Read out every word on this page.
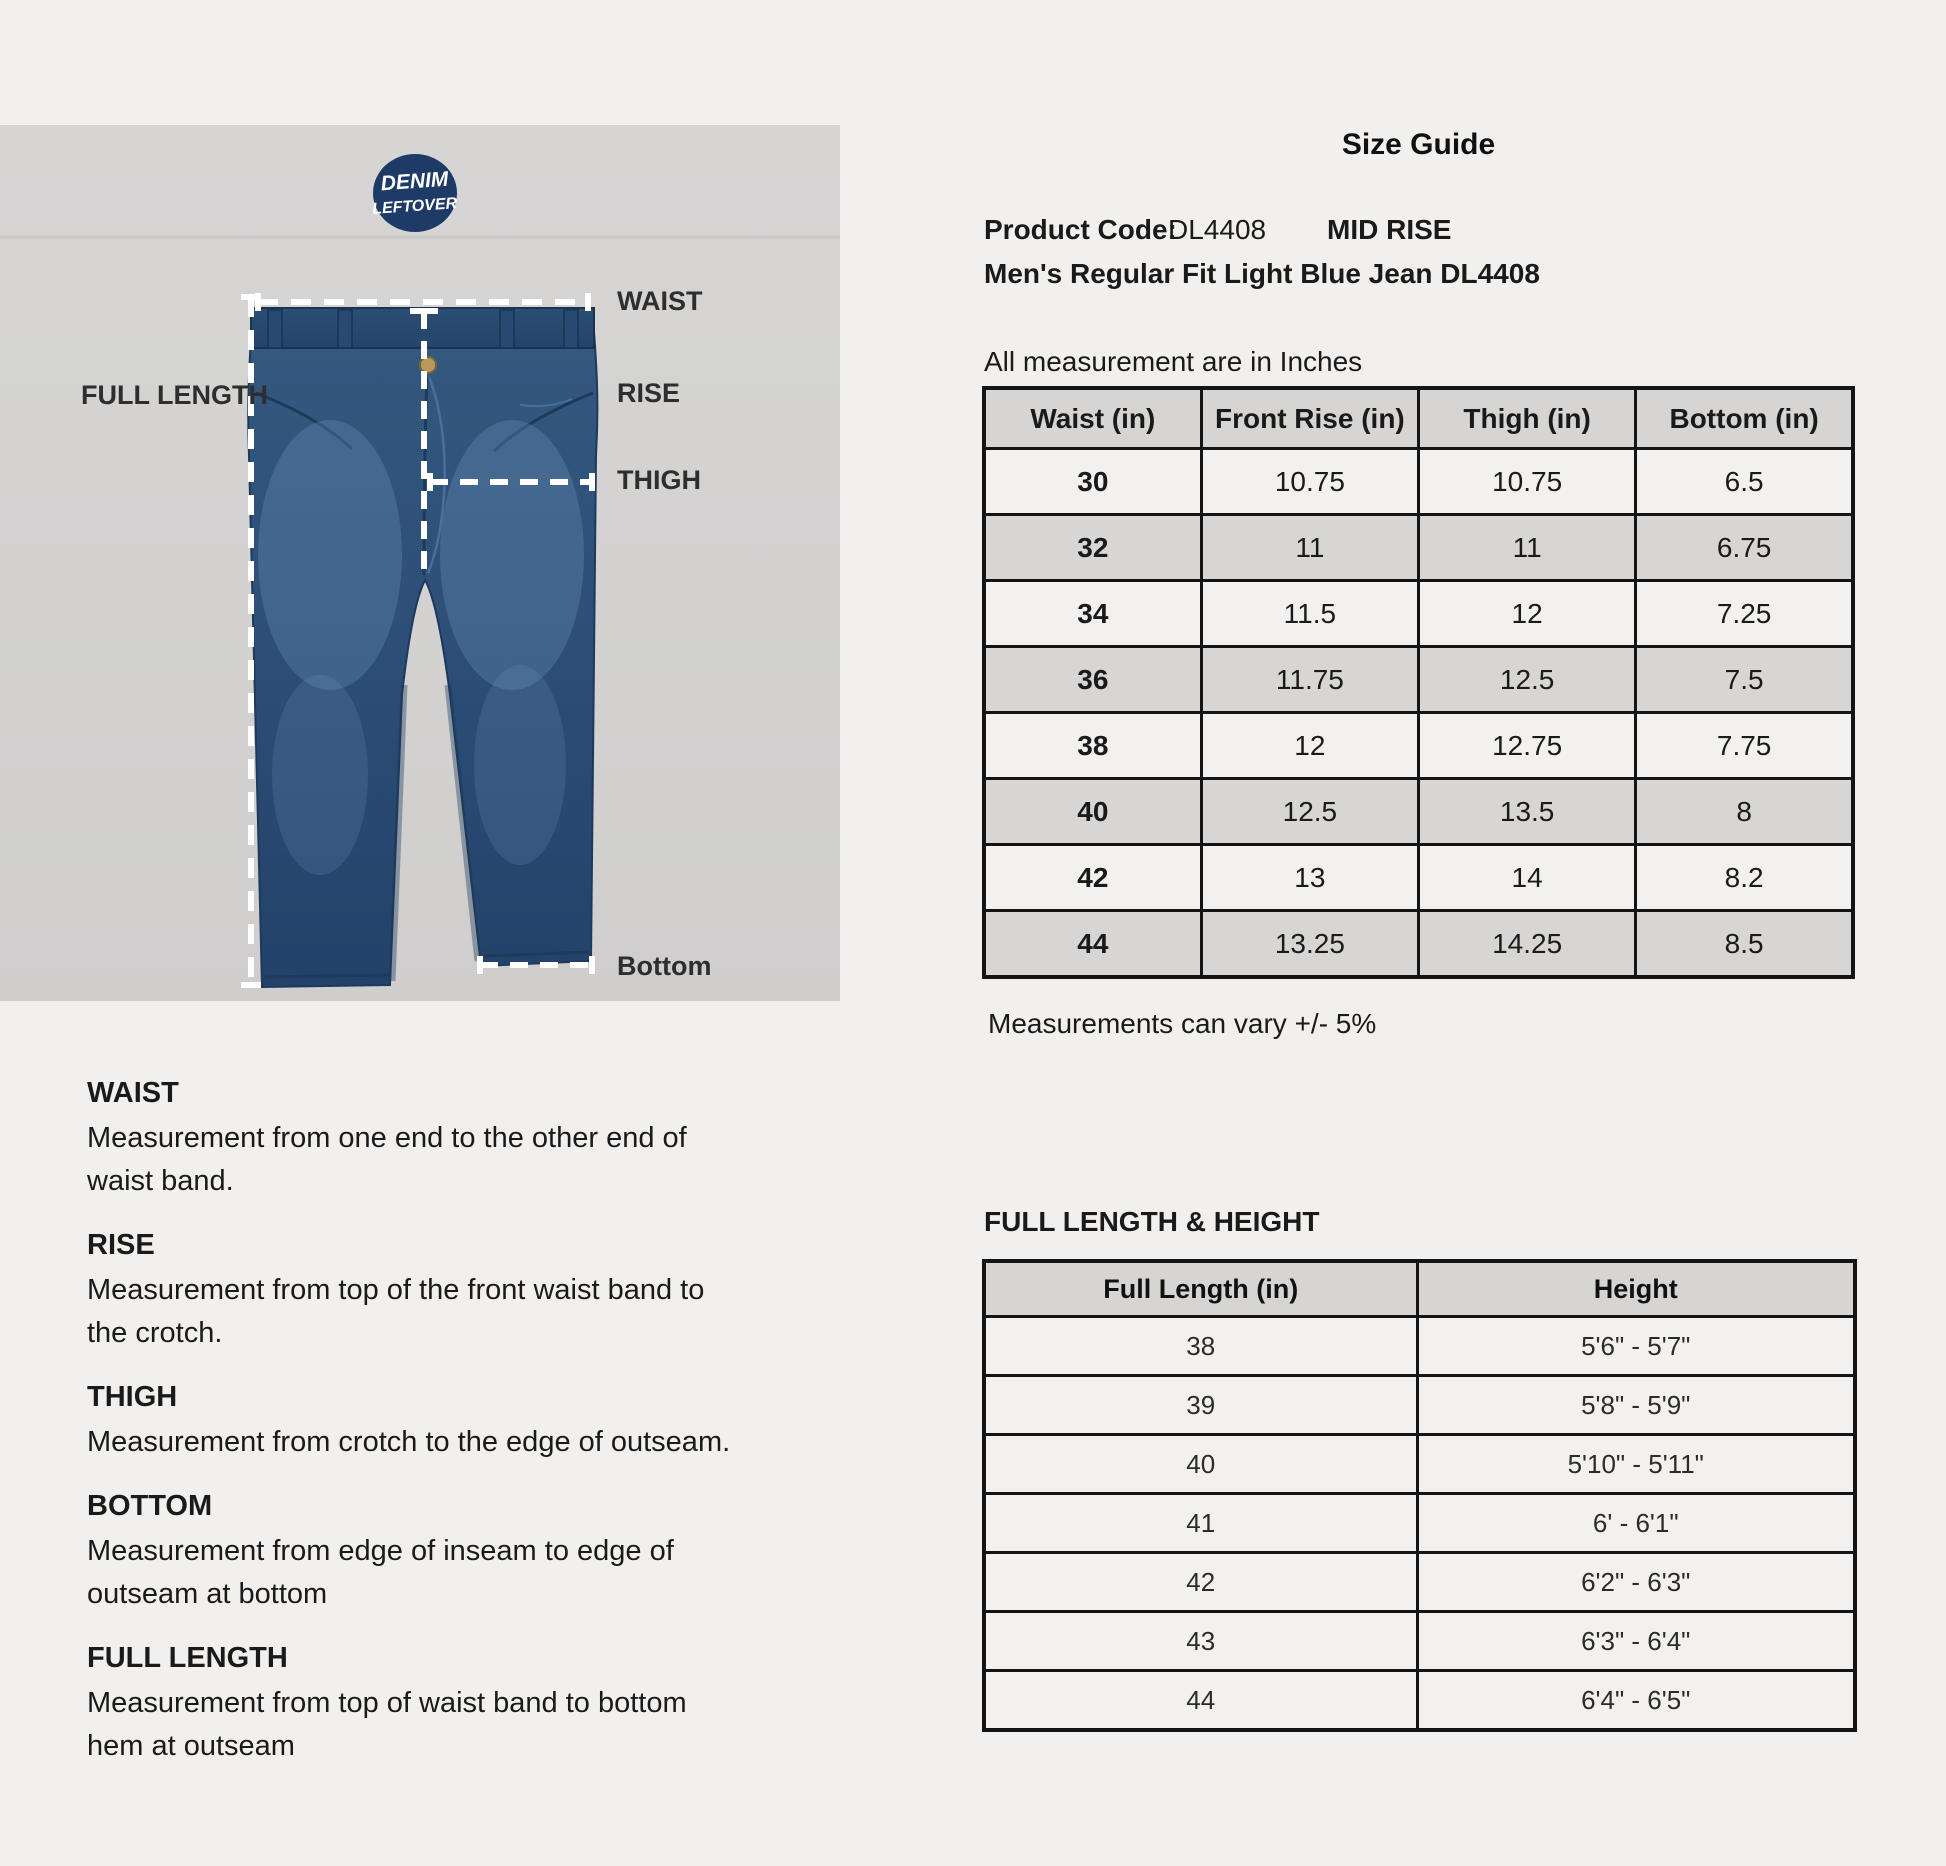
DENIM
LEFTOVER
WAIST
RISE
THIGH
Bottom
FULL LENGTH
Size Guide
Product Code:
DL4408 MID RISE
Men's Regular Fit Light Blue Jean DL4408
All measurement are in Inches
Waist (in)	Front Rise (in)	Thigh (in)	Bottom (in)
30	10.75	10.75	6.5
32	11	11	6.75
34	11.5	12	7.25
36	11.75	12.5	7.5
38	12	12.75	7.75
40	12.5	13.5	8
42	13	14	8.2
44	13.25	14.25	8.5
Measurements can vary +/- 5%
FULL LENGTH & HEIGHT
Full Length (in)	Height
38	5'6" - 5'7"
39	5'8" - 5'9"
40	5'10" - 5'11"
41	6' - 6'1"
42	6'2" - 6'3"
43	6'3" - 6'4"
44	6'4" - 6'5"

WAIST

Measurement from one end to the other end of waist band.

RISE

Measurement from top of the front waist band to the crotch.

THIGH

Measurement from crotch to the edge of outseam.

BOTTOM

Measurement from edge of inseam to edge of outseam at bottom

FULL LENGTH

Measurement from top of waist band to bottom hem at outseam
